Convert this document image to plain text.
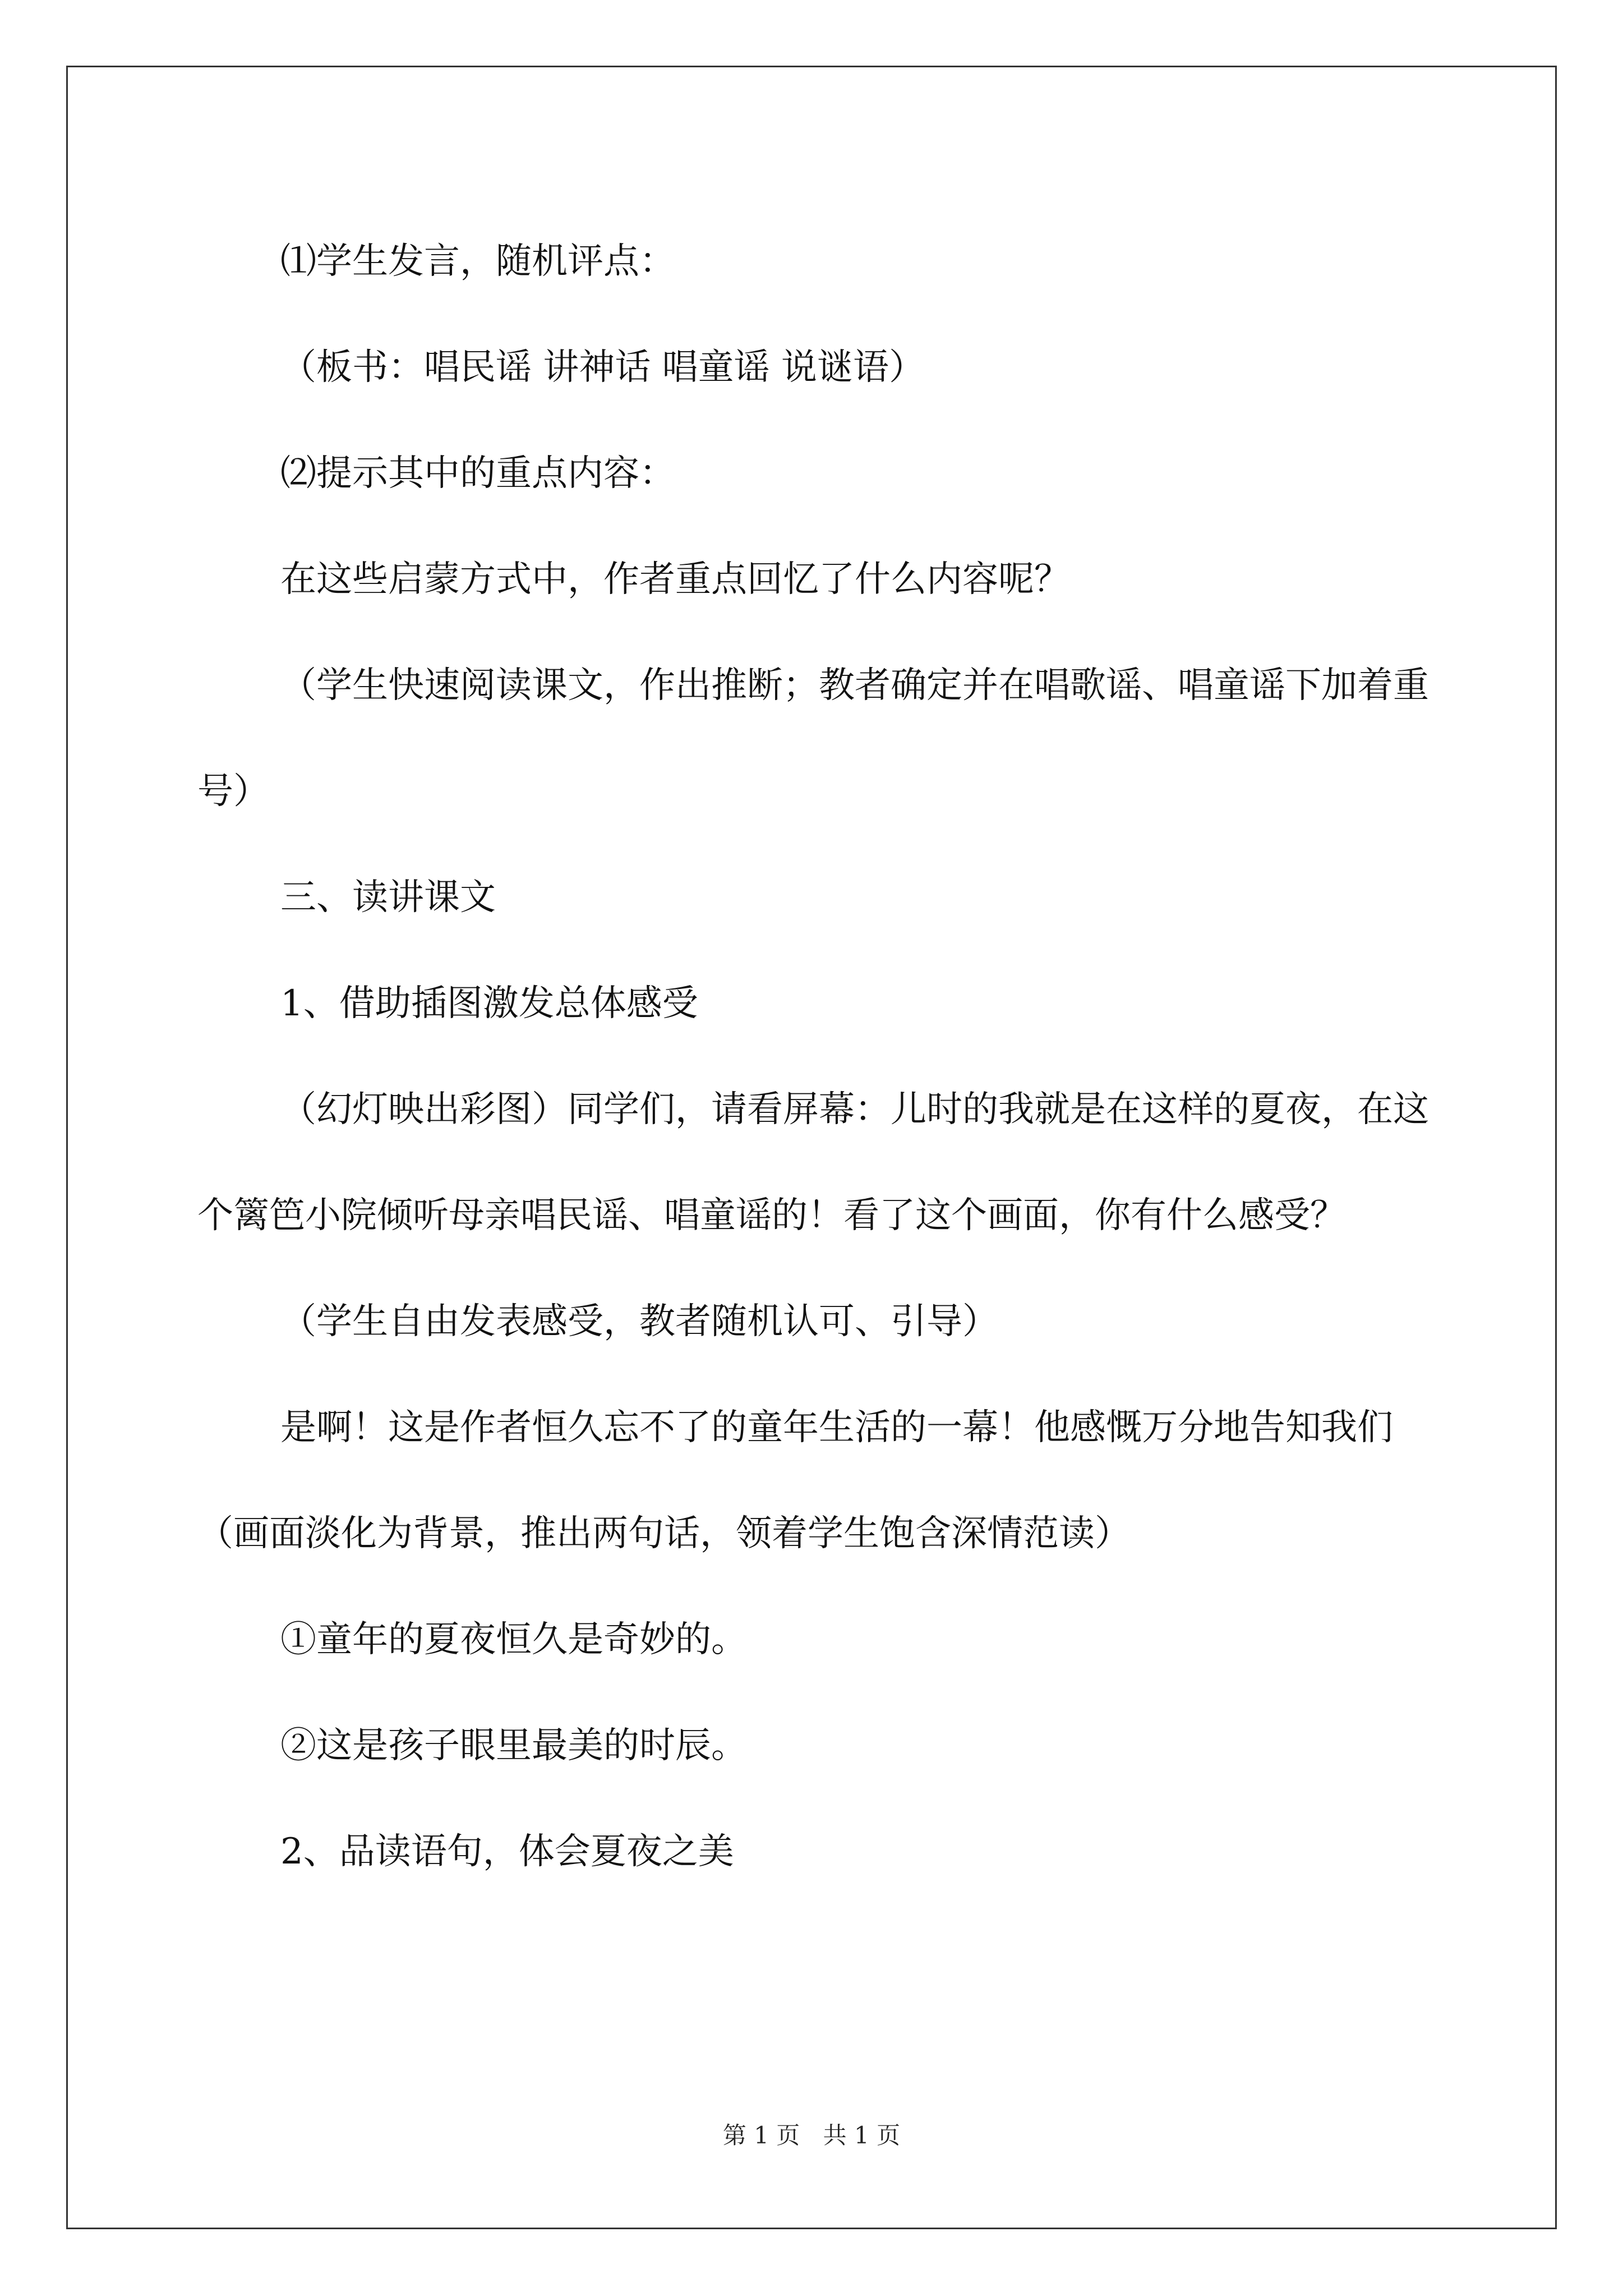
⑴学生发言，随机评点：

（板书：唱民谣 讲神话 唱童谣 说谜语）

⑵提示其中的重点内容：

在这些启蒙方式中，作者重点回忆了什么内容呢？

（学生快速阅读课文，作出推断；教者确定并在唱歌谣、唱童谣下加着重号）

三、读讲课文

1、借助插图激发总体感受

（幻灯映出彩图）同学们，请看屏幕：儿时的我就是在这样的夏夜，在这个篱笆小院倾听母亲唱民谣、唱童谣的！看了这个画面，你有什么感受？

（学生自由发表感受，教者随机认可、引导）

是啊！这是作者恒久忘不了的童年生活的一幕！他感慨万分地告知我们（画面淡化为背景，推出两句话，领着学生饱含深情范读）

①童年的夏夜恒久是奇妙的。

②这是孩子眼里最美的时辰。

2、品读语句，体会夏夜之美

第 1 页 共 1 页
